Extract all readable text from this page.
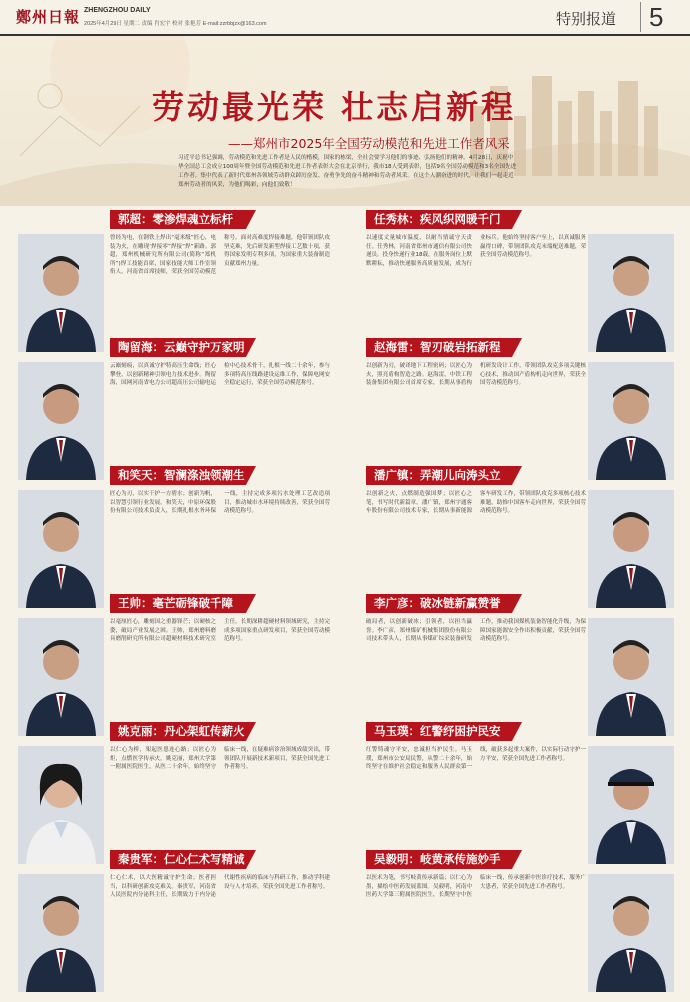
鄭州日報 ZHENGZHOU DAILY
2025年4月29日 星期二 责编 肖宏宇 校对 张艳芳 E-mail:zzrbbjzx@163.com	特别报道	5
劳动最光荣 壮志启新程
——郑州市2025年全国劳动模范和先进工作者风采
习近平总书记强调，劳动模范和先进工作者是人民的楷模，国家的栋梁，全社会要学习他们的事迹、弘扬他们的精神。4月28日，庆祝中华全国总工会成立100周年暨全国劳动模范和先进工作者表彰大会在北京举行，我市18人受到表彰，包括9名全国劳动模范和3名全国先进工作者。集中代表了新时代郑州各领域劳动群众踔厉奋发、奋勇争先的奋斗精神和劳动者风采。在这个人潮奋进的时代，让我们一起走近郑州劳动者的风采，为他们喝彩，向他们致敬！
郭超：零渗焊魂立标杆
曾经为电，在钢铁上焊出“毫米级”匠心，电装为火，在雕现‘焊接零”焊接“焊”新路。郭超，郑州机械研究所有限公司(简称“郑机所”)焊工技能首席，国家技能大师工作室领衔人，河南省首席技师，荣获全国劳动模范称号。面对高难度焊接难题，他带领团队攻坚克难，先后研发新型焊接工艺数十项，获得国家发明专利多项，为国家重大装备制造贡献郑州力量。
任秀林：疾风织网暖千门
以速度丈量城市温度，以耐当情诚守天责任。任秀林，河南省郑州市通信有限公司快递员。投身快递行业18载，在服务岗位上默默耕耘，推动快递服务高质量发展，成为行业标兵。他始终坚持客户至上，以真诚服务赢得口碑，带领团队攻克末端配送难题，荣获全国劳动模范称号。
陶留海：云巅守护万家明
云巅刻痕，以真诚守护特高压生命线；匠心攀登，以创新精神引领电力技术进步。陶留海，国网河南省电力公司超高压公司输电运检中心技术骨干，扎根一线二十余年，参与多项特高压线路建设运维工作，保障电网安全稳定运行，荣获全国劳动模范称号。
赵海雷：智刃破岩拓新程
以创新为刃，破译地下工程密码；以匠心为火，照亮盾构智造之路。赵海雷，中铁工程装备集团有限公司首席专家，长期从事盾构机研发设计工作，带领团队攻克多项关键核心技术，推动国产盾构机走向世界，荣获全国劳动模范称号。
和笑天：智澜涤浊领潮生
匠心为刃，以实干护一方碧水；创新为帆，以智慧引领行业发展。和笑天，中原环保股份有限公司技术负责人，长期扎根水务环保一线，主持完成多项污水处理工艺改造项目，推动城市水环境持续改善，荣获全国劳动模范称号。
潘广镇：弄潮儿向涛头立
以创新之火，点燃制造强国梦；以匠心之笔，书写时代新篇章。潘广镇，郑州宇通客车股份有限公司技术专家，长期从事新能源客车研发工作，带领团队攻克多项核心技术难题，助推中国客车走向世界，荣获全国劳动模范称号。
王帅：毫芒砺锋破千障
以毫厘匠心，雕刻国之重器锋芒；以硬核之姿，破局产业发展之困。王帅，郑州磨料磨具磨削研究所有限公司超硬材料技术研究室主任，长期深耕超硬材料领域研究，主持完成多项国家重点研发项目，荣获全国劳动模范称号。
李广彦：破冰链新赢赞誉
破局者，以创新破冰；引领者，以担当赢誉。李广彦，郑州煤矿机械集团股份有限公司技术带头人，长期从事煤矿综采装备研发工作，推动我国煤机装备智能化升级，为保障国家能源安全作出积极贡献，荣获全国劳动模范称号。
姚克丽：丹心架虹传薪火
以仁心为桥，架起医患连心路；以匠心为炬，点燃医学传承火。姚克丽，郑州大学第一附属医院医生，从医二十余年，始终坚守临床一线，在疑难病诊治领域成绩突出，带领团队开展新技术新项目，荣获全国先进工作者称号。
马玉璞：红警纾困护民安
红警铸魂守平安，忠诚担当护民生。马玉璞，郑州市公安局民警，从警二十余年，始终坚守在维护社会稳定和服务人民群众第一线，破获多起重大案件，以实际行动守护一方平安，荣获全国先进工作者称号。
秦贵军：仁心仁术写精诚
仁心仁术，以大医精诚守护生命；医者担当，以科研创新攻克难关。秦贵军，河南省人民医院内分泌科主任，长期致力于内分泌代谢性疾病的临床与科研工作，推动学科建设与人才培养，荣获全国先进工作者称号。
吴毅明：岐黄承传施妙手
以医术为笔，书写岐黄传承新篇；以仁心为墨，描绘中医药发展蓝图。吴毅明，河南中医药大学第三附属医院医生，长期坚守中医临床一线，传承创新中医诊疗技术，服务广大患者，荣获全国先进工作者称号。
